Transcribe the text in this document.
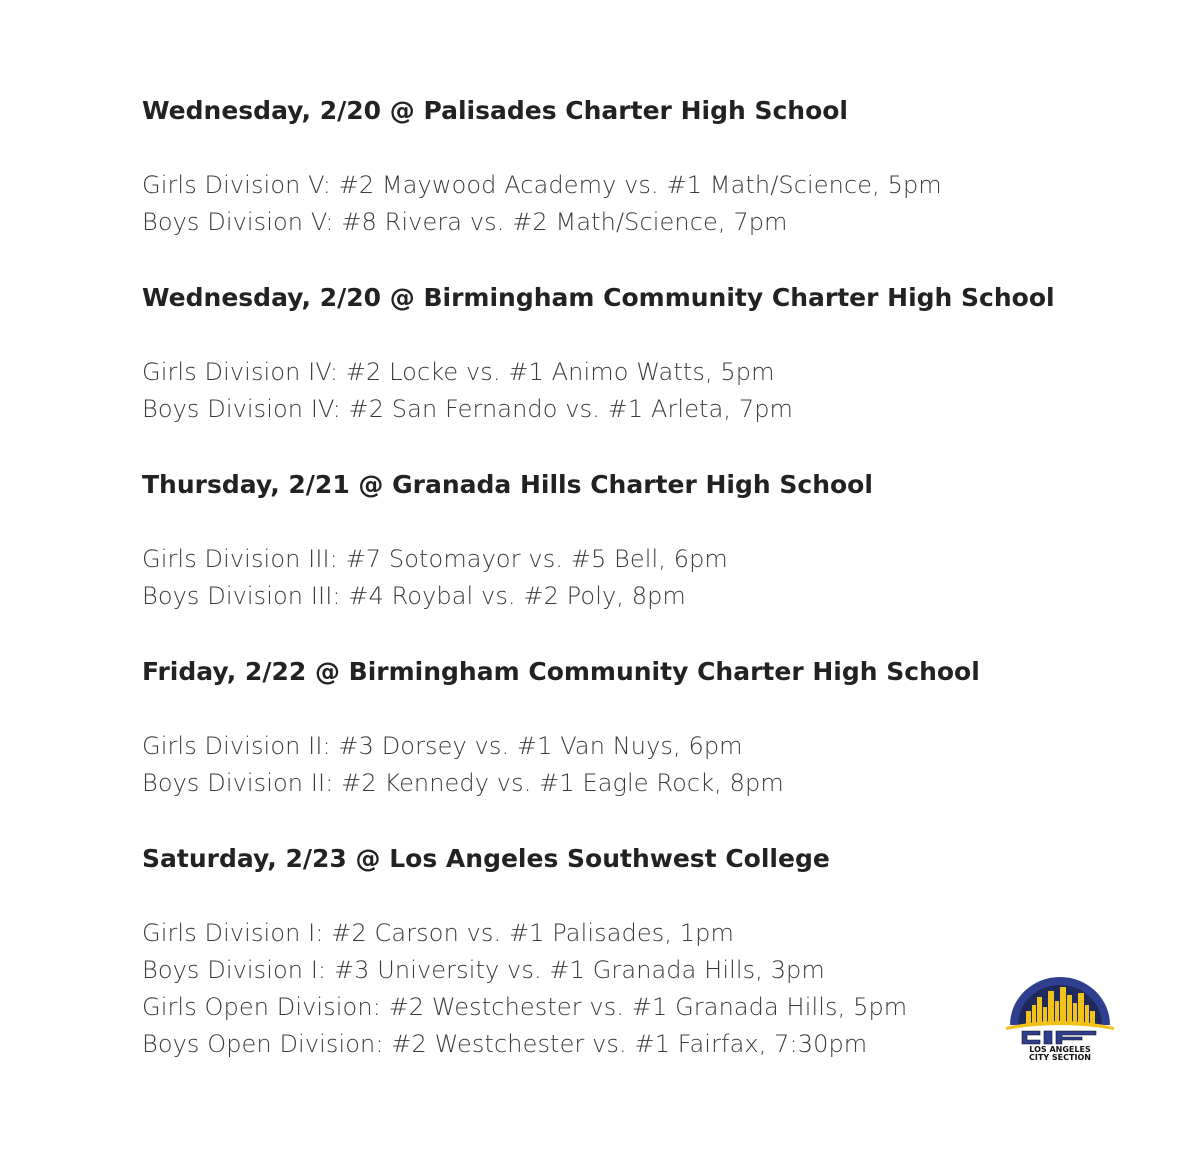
Wednesday, 2/20 @ Palisades Charter High School
Girls Division V: #2 Maywood Academy vs. #1 Math/Science, 5pm
Boys Division V: #8 Rivera vs. #2 Math/Science, 7pm
Wednesday, 2/20 @ Birmingham Community Charter High School
Girls Division IV: #2 Locke vs. #1 Animo Watts, 5pm
Boys Division IV: #2 San Fernando vs. #1 Arleta, 7pm
Thursday, 2/21 @ Granada Hills Charter High School
Girls Division III: #7 Sotomayor vs. #5 Bell, 6pm
Boys Division III: #4 Roybal vs. #2 Poly, 8pm
Friday, 2/22 @ Birmingham Community Charter High School
Girls Division II: #3 Dorsey vs. #1 Van Nuys, 6pm
Boys Division II: #2 Kennedy vs. #1 Eagle Rock, 8pm
Saturday, 2/23 @ Los Angeles Southwest College
Girls Division I: #2 Carson vs. #1 Palisades, 1pm
Boys Division I: #3 University vs. #1 Granada Hills, 3pm
Girls Open Division: #2 Westchester vs. #1 Granada Hills, 5pm
Boys Open Division: #2 Westchester vs. #1 Fairfax, 7:30pm	LOS ANGELES
CITY SECTION
